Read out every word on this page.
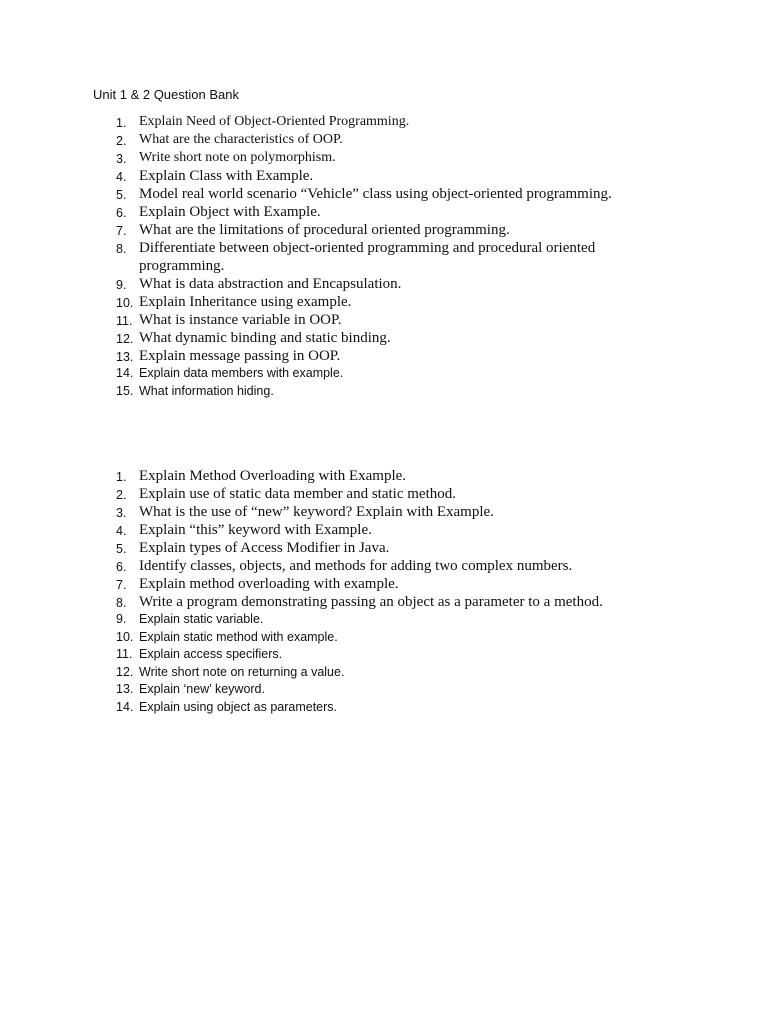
Unit 1 & 2 Question Bank
1. Explain Need of Object-Oriented Programming.
2. What are the characteristics of OOP.
3. Write short note on polymorphism.
4. Explain Class with Example.
5. Model real world scenario “Vehicle” class using object-oriented programming.
6. Explain Object with Example.
7. What are the limitations of procedural oriented programming.
8. Differentiate between object-oriented programming and procedural oriented programming.
9. What is data abstraction and Encapsulation.
10. Explain Inheritance using example.
11. What is instance variable in OOP.
12. What dynamic binding and static binding.
13. Explain message passing in OOP.
14. Explain data members with example.
15. What information hiding.
1. Explain Method Overloading with Example.
2. Explain use of static data member and static method.
3. What is the use of “new” keyword? Explain with Example.
4. Explain “this” keyword with Example.
5. Explain types of Access Modifier in Java.
6. Identify classes, objects, and methods for adding two complex numbers.
7. Explain method overloading with example.
8. Write a program demonstrating passing an object as a parameter to a method.
9.	Explain static variable.
10. Explain static method with example.
11. Explain access specifiers.
12. Write short note on returning a value.
13. Explain ‘new’ keyword.
14. Explain using object as parameters.
